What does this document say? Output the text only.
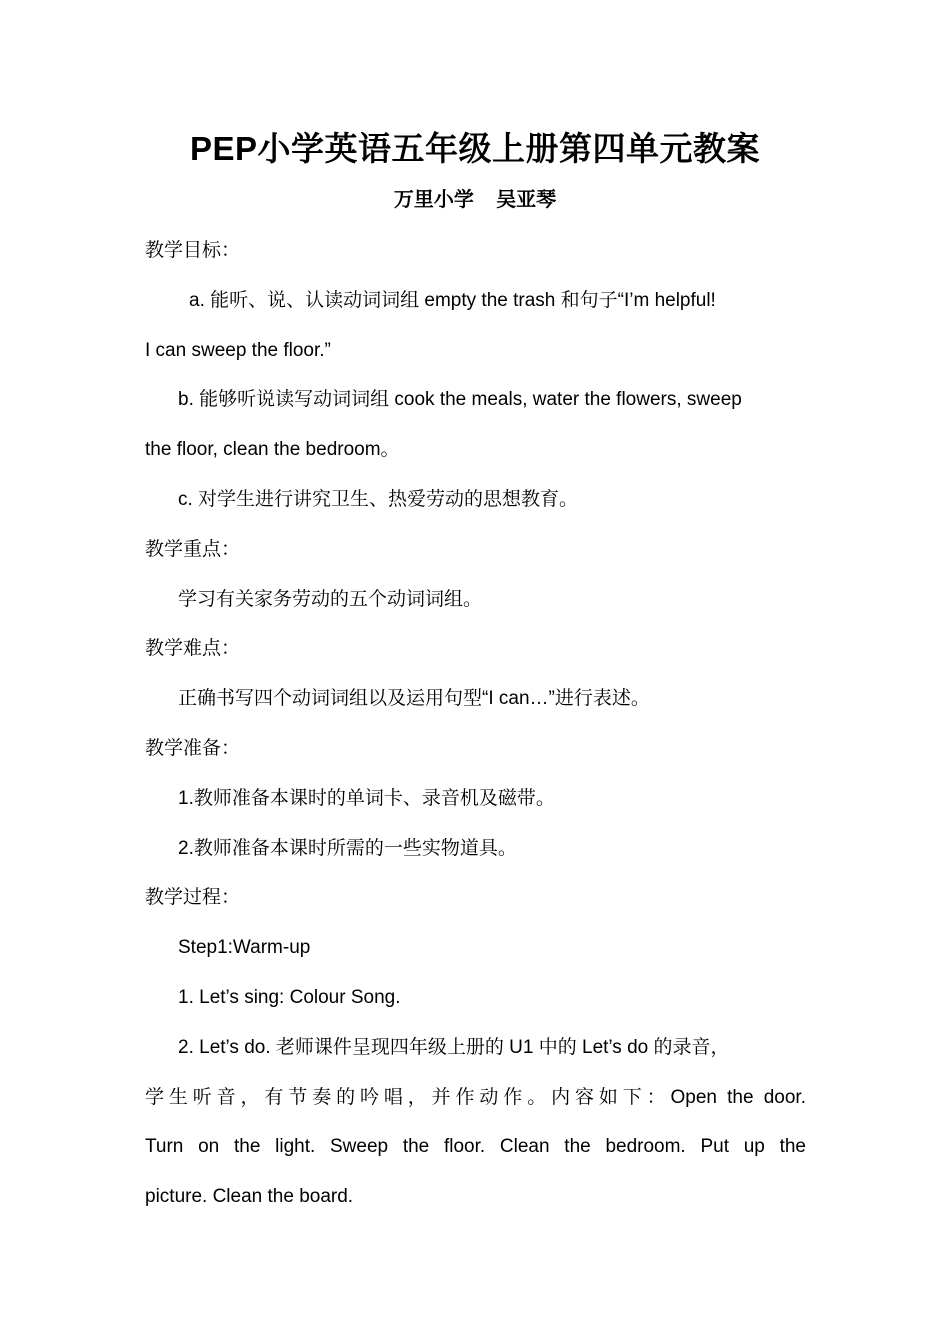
PEP小学英语五年级上册第四单元教案
万里小学 吴亚琴
教学目标：
a. 能听、说、认读动词词组 empty the trash 和句子“I’m helpful!
I can sweep the floor.”
b. 能够听说读写动词词组 cook the meals, water the flowers, sweep
the floor, clean the bedroom。
c. 对学生进行讲究卫生、热爱劳动的思想教育。
教学重点：
学习有关家务劳动的五个动词词组。
教学难点：
正确书写四个动词词组以及运用句型“I can…”进行表述。
教学准备：
1.教师准备本课时的单词卡、录音机及磁带。
2.教师准备本课时所需的一些实物道具。
教学过程：
Step1:Warm-up
1. Let’s sing: Colour Song.
2. Let’s do. 老师课件呈现四年级上册的 U1 中的 Let’s do 的录音，
学生听音，有节奏的吟唱，并作动作。内容如下：Open the door.
Turn on the light. Sweep the floor. Clean the bedroom. Put up the
picture. Clean the board.
